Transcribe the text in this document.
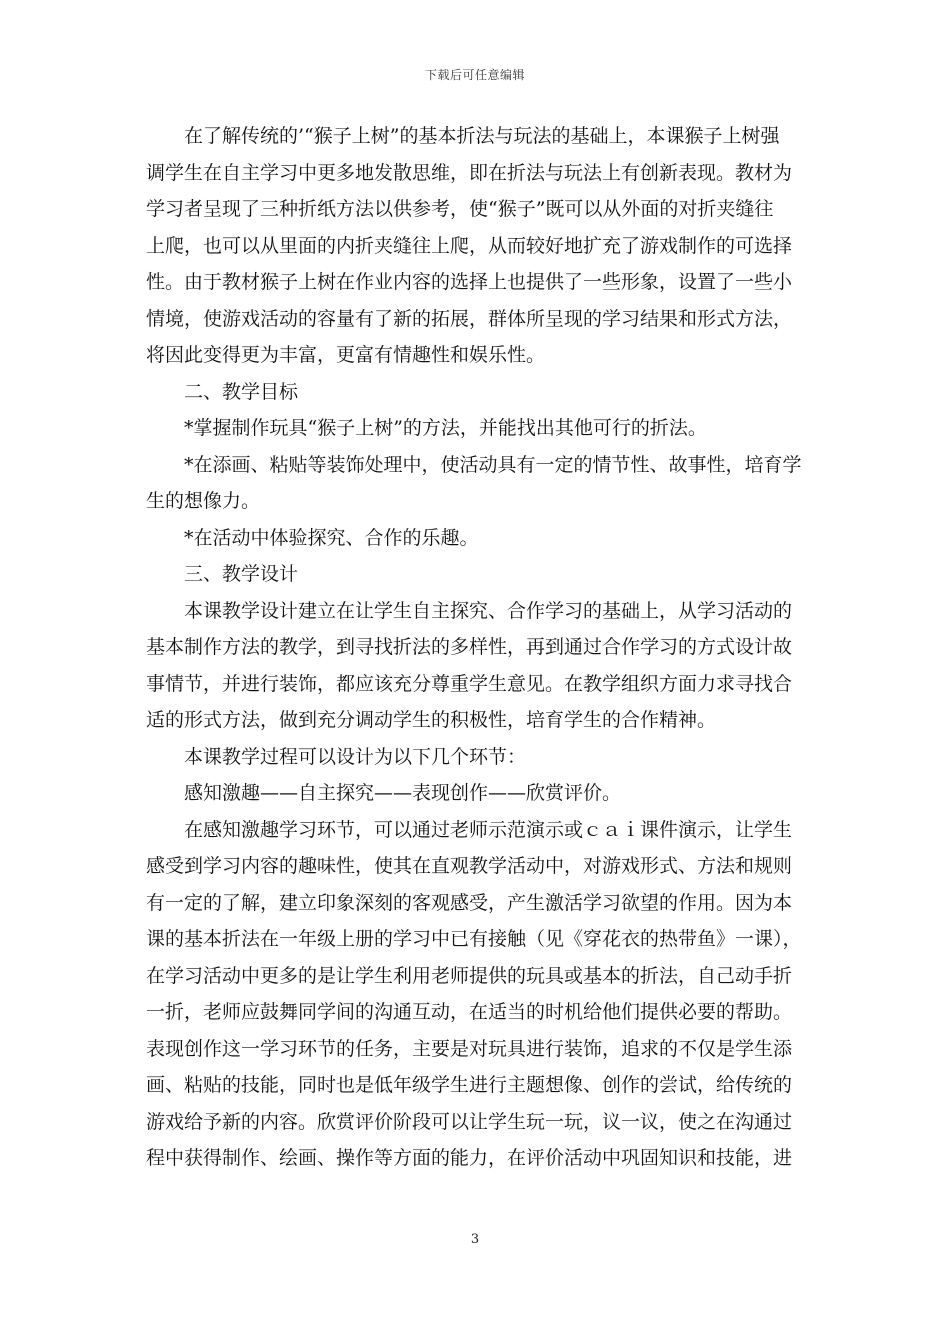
下载后可任意编辑

　　在了解传统的’“猴子上树”的基本折法与玩法的基础上，本课猴子上树强

调学生在自主学习中更多地发散思维，即在折法与玩法上有创新表现。教材为

学习者呈现了三种折纸方法以供参考，使“猴子”既可以从外面的对折夹缝往

上爬，也可以从里面的内折夹缝往上爬，从而较好地扩充了游戏制作的可选择

性。由于教材猴子上树在作业内容的选择上也提供了一些形象，设置了一些小

情境，使游戏活动的容量有了新的拓展，群体所呈现的学习结果和形式方法，

将因此变得更为丰富，更富有情趣性和娱乐性。

　　二、教学目标

　　*掌握制作玩具“猴子上树”的方法，并能找出其他可行的折法。

　　*在添画、粘贴等装饰处理中，使活动具有一定的情节性、故事性，培育学

生的想像力。

　　*在活动中体验探究、合作的乐趣。

　　三、教学设计

　　本课教学设计建立在让学生自主探究、合作学习的基础上，从学习活动的

基本制作方法的教学，到寻找折法的多样性，再到通过合作学习的方式设计故

事情节，并进行装饰，都应该充分尊重学生意见。在教学组织方面力求寻找合

适的形式方法，做到充分调动学生的积极性，培育学生的合作精神。

　　本课教学过程可以设计为以下几个环节：

　　感知激趣——自主探究——表现创作——欣赏评价。

　　在感知激趣学习环节，可以通过老师示范演示或ｃａｉ课件演示，让学生

感受到学习内容的趣味性，使其在直观教学活动中，对游戏形式、方法和规则

有一定的了解，建立印象深刻的客观感受，产生激活学习欲望的作用。因为本

课的基本折法在一年级上册的学习中已有接触（见《穿花衣的热带鱼》一课），

在学习活动中更多的是让学生利用老师提供的玩具或基本的折法，自己动手折

一折，老师应鼓舞同学间的沟通互动，在适当的时机给他们提供必要的帮助。

表现创作这一学习环节的任务，主要是对玩具进行装饰，追求的不仅是学生添

画、粘贴的技能，同时也是低年级学生进行主题想像、创作的尝试，给传统的

游戏给予新的内容。欣赏评价阶段可以让学生玩一玩，议一议，使之在沟通过

程中获得制作、绘画、操作等方面的能力，在评价活动中巩固知识和技能，进

3
